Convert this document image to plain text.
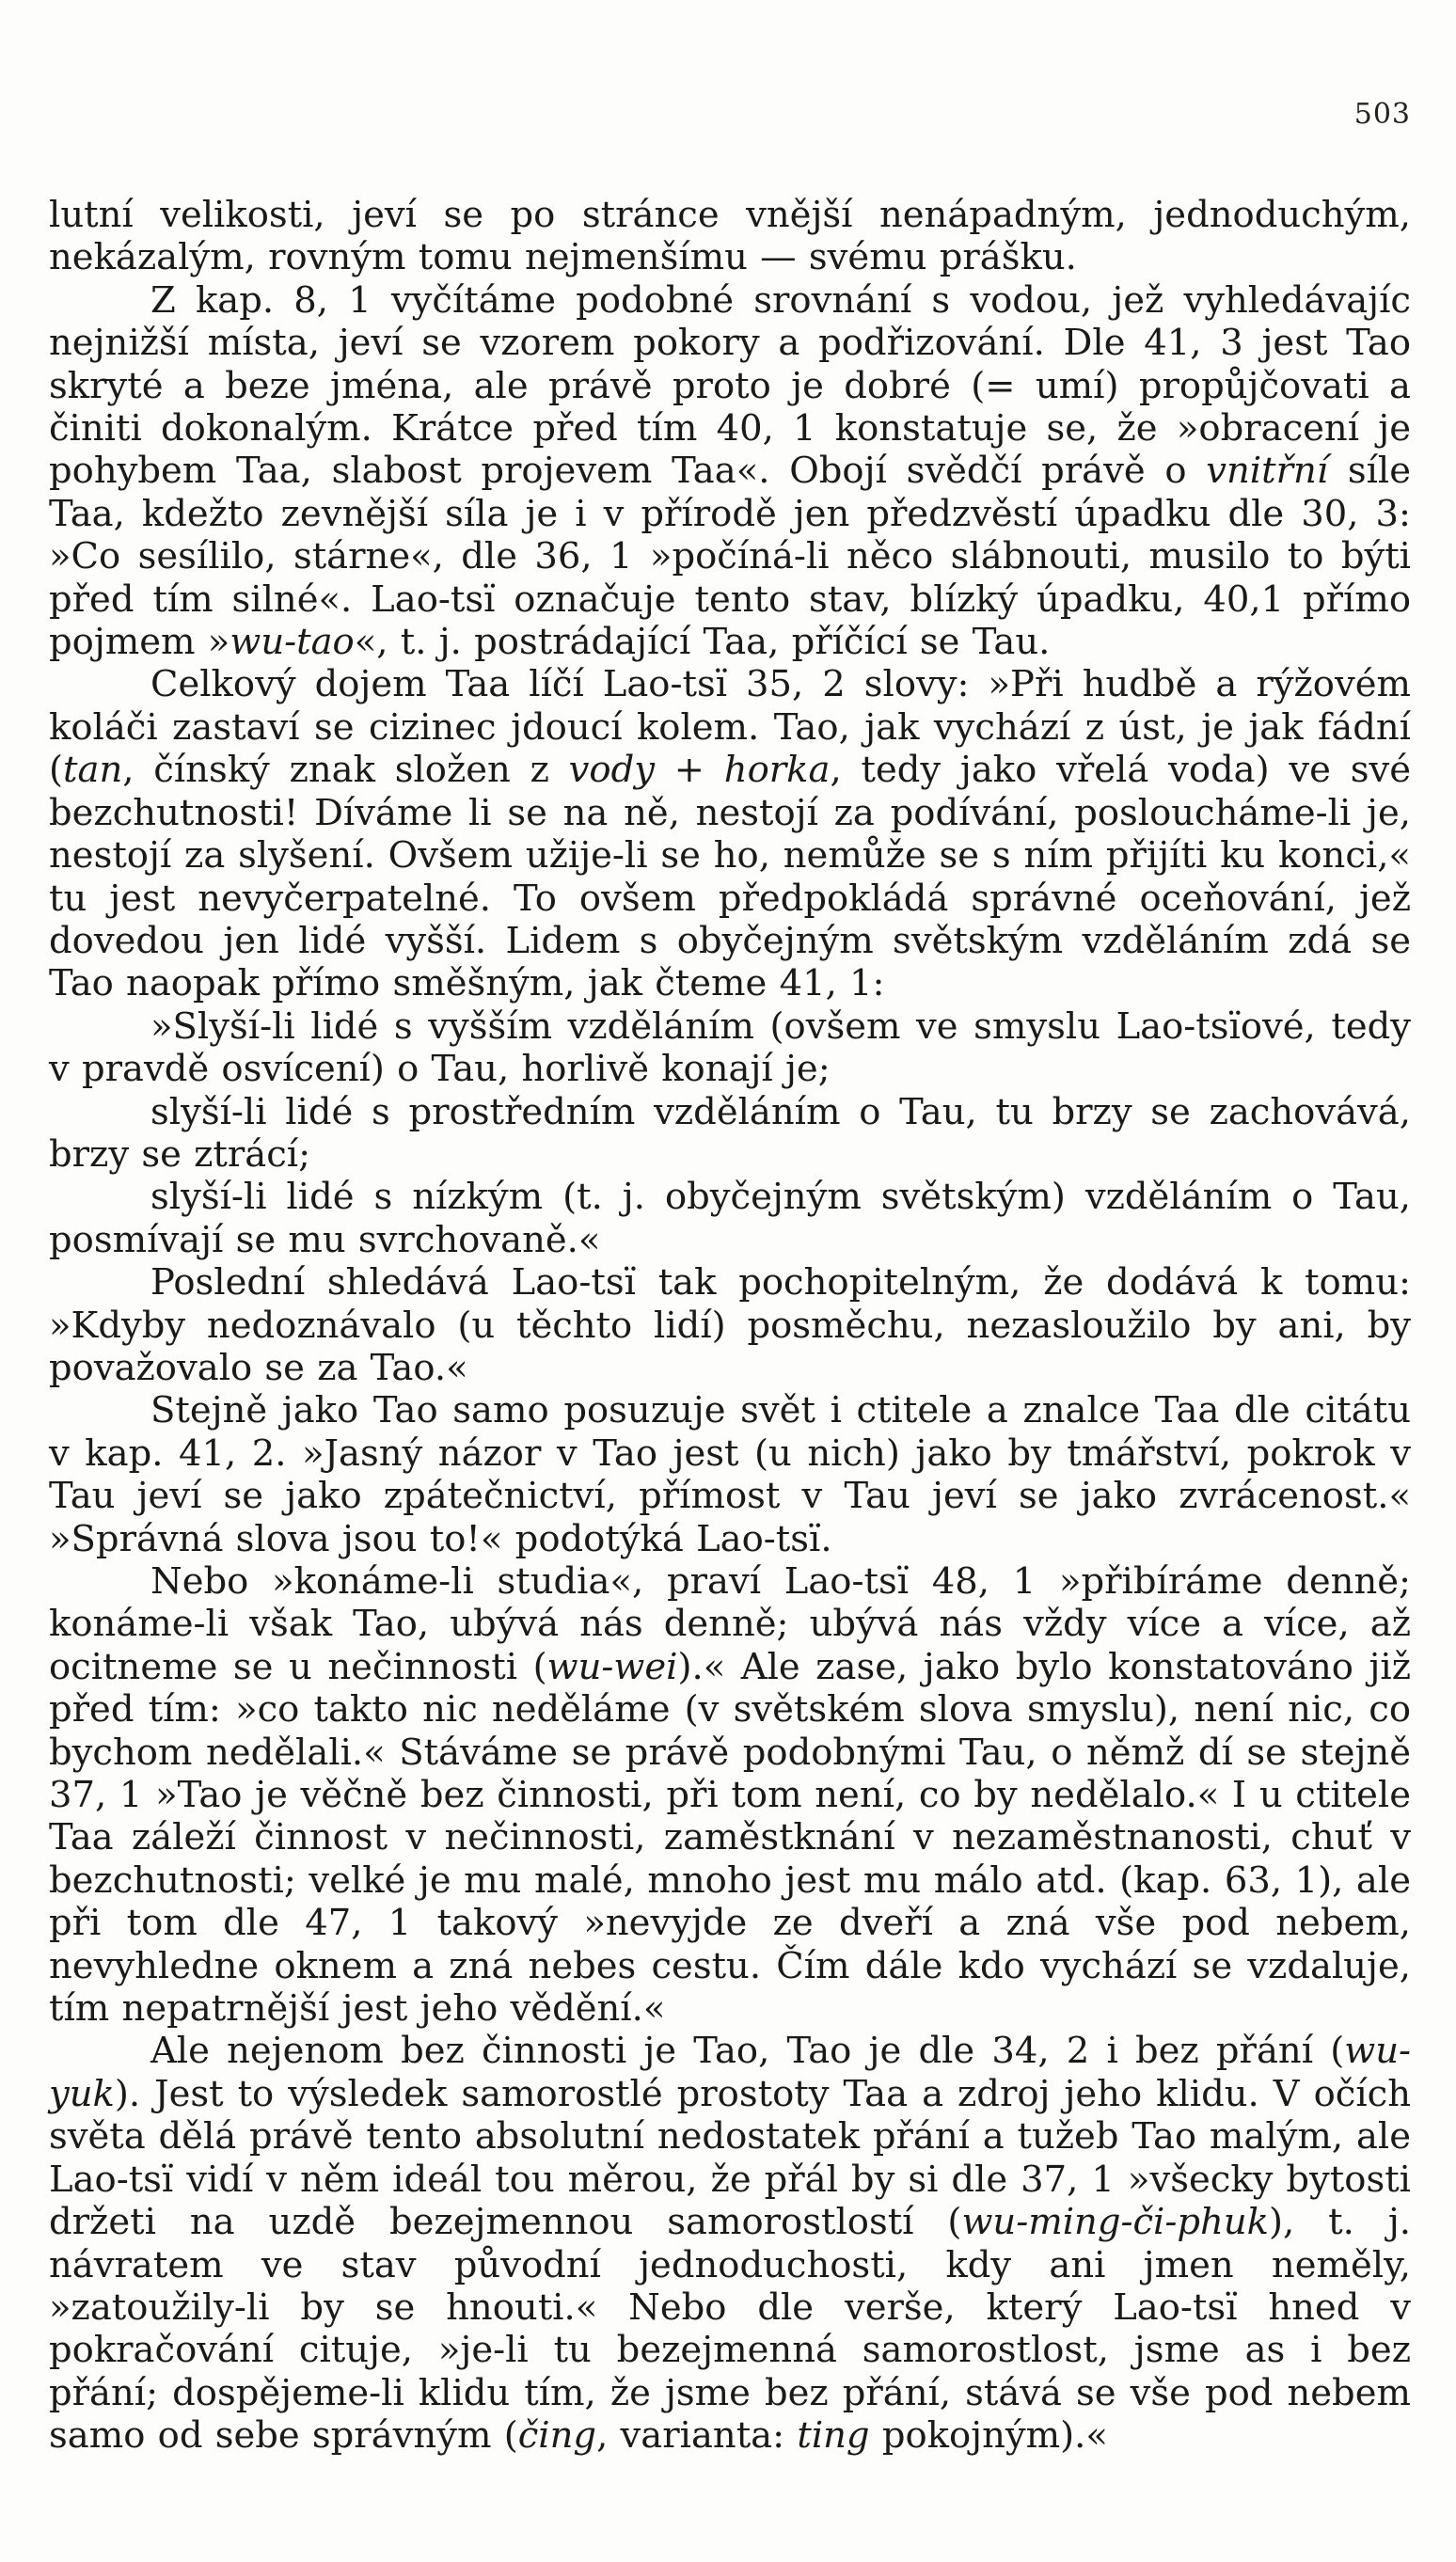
503

lutní velikosti, jeví se po stránce vnější nenápadným, jednoduchým, nekázalým, rovným tomu nejmenšímu — svému prášku.

Z kap. 8, 1 vyčítáme podobné srovnání s vodou, jež vyhledávajíc nejnižší místa, jeví se vzorem pokory a podřizování. Dle 41, 3 jest Tao skryté a beze jména, ale právě proto je dobré (= umí) propůjčovati a činiti dokonalým. Krátce před tím 40, 1 konstatuje se, že »obracení je pohybem Taa, slabost projevem Taa«. Obojí svědčí právě o vnitřní síle Taa, kdežto zevnější síla je i v přírodě jen předzvěstí úpadku dle 30, 3: »Co sesílilo, stárne«, dle 36, 1 »počíná-li něco slábnouti, musilo to býti před tím silné«. Lao-tsï označuje tento stav, blízký úpadku, 40,1 přímo pojmem »wu-tao«, t. j. postrádající Taa, příčící se Tau.

Celkový dojem Taa líčí Lao-tsï 35, 2 slovy: »Při hudbě a rýžovém koláči zastaví se cizinec jdoucí kolem. Tao, jak vychází z úst, je jak fádní (tan, čínský znak složen z vody + horka, tedy jako vřelá voda) ve své bezchutnosti! Díváme li se na ně, nestojí za podívání, posloucháme-li je, nestojí za slyšení. Ovšem užije-li se ho, nemůže se s ním přijíti ku konci,« tu jest nevyčerpatelné. To ovšem předpokládá správné oceňování, jež dovedou jen lidé vyšší. Lidem s obyčejným světským vzděláním zdá se Tao naopak přímo směšným, jak čteme 41, 1:

»Slyší-li lidé s vyšším vzděláním (ovšem ve smyslu Lao-tsïové, tedy v pravdě osvícení) o Tau, horlivě konají je;

slyší-li lidé s prostředním vzděláním o Tau, tu brzy se zachovává, brzy se ztrácí;

slyší-li lidé s nízkým (t. j. obyčejným světským) vzděláním o Tau, posmívají se mu svrchovaně.«

Poslední shledává Lao-tsï tak pochopitelným, že dodává k tomu: »Kdyby nedoznávalo (u těchto lidí) posměchu, nezasloužilo by ani, by považovalo se za Tao.«

Stejně jako Tao samo posuzuje svět i ctitele a znalce Taa dle citátu v kap. 41, 2. »Jasný názor v Tao jest (u nich) jako by tmářství, pokrok v Tau jeví se jako zpátečnictví, přímost v Tau jeví se jako zvrácenost.« »Správná slova jsou to!« podotýká Lao-tsï.

Nebo »konáme-li studia«, praví Lao-tsï 48, 1 »přibíráme denně; konáme-li však Tao, ubývá nás denně; ubývá nás vždy více a více, až ocitneme se u nečinnosti (wu-wei).« Ale zase, jako bylo konstatováno již před tím: »co takto nic neděláme (v světském slova smyslu), není nic, co bychom nedělali.« Stáváme se právě podobnými Tau, o němž dí se stejně 37, 1 »Tao je věčně bez činnosti, při tom není, co by nedělalo.« I u ctitele Taa záleží činnost v nečinnosti, zaměstknání v nezaměstnanosti, chuť v bezchutnosti; velké je mu malé, mnoho jest mu málo atd. (kap. 63, 1), ale při tom dle 47, 1 takový »nevyjde ze dveří a zná vše pod nebem, nevyhledne oknem a zná nebes cestu. Čím dále kdo vychází se vzdaluje, tím nepatrnější jest jeho vědění.«

Ale nejenom bez činnosti je Tao, Tao je dle 34, 2 i bez přání (wu-yuk). Jest to výsledek samorostlé prostoty Taa a zdroj jeho klidu. V očích světa dělá právě tento absolutní nedostatek přání a tužeb Tao malým, ale Lao-tsï vidí v něm ideál tou měrou, že přál by si dle 37, 1 »všecky bytosti držeti na uzdě bezejmennou samorostlostí (wu-ming-či-phuk), t. j. návratem ve stav původní jednoduchosti, kdy ani jmen neměly, »zatoužily-li by se hnouti.« Nebo dle verše, který Lao-tsï hned v pokračování cituje, »je-li tu bezejmenná samorostlost, jsme as i bez přání; dospějeme-li klidu tím, že jsme bez přání, stává se vše pod nebem samo od sebe správným (čing, varianta: ting pokojným).«
